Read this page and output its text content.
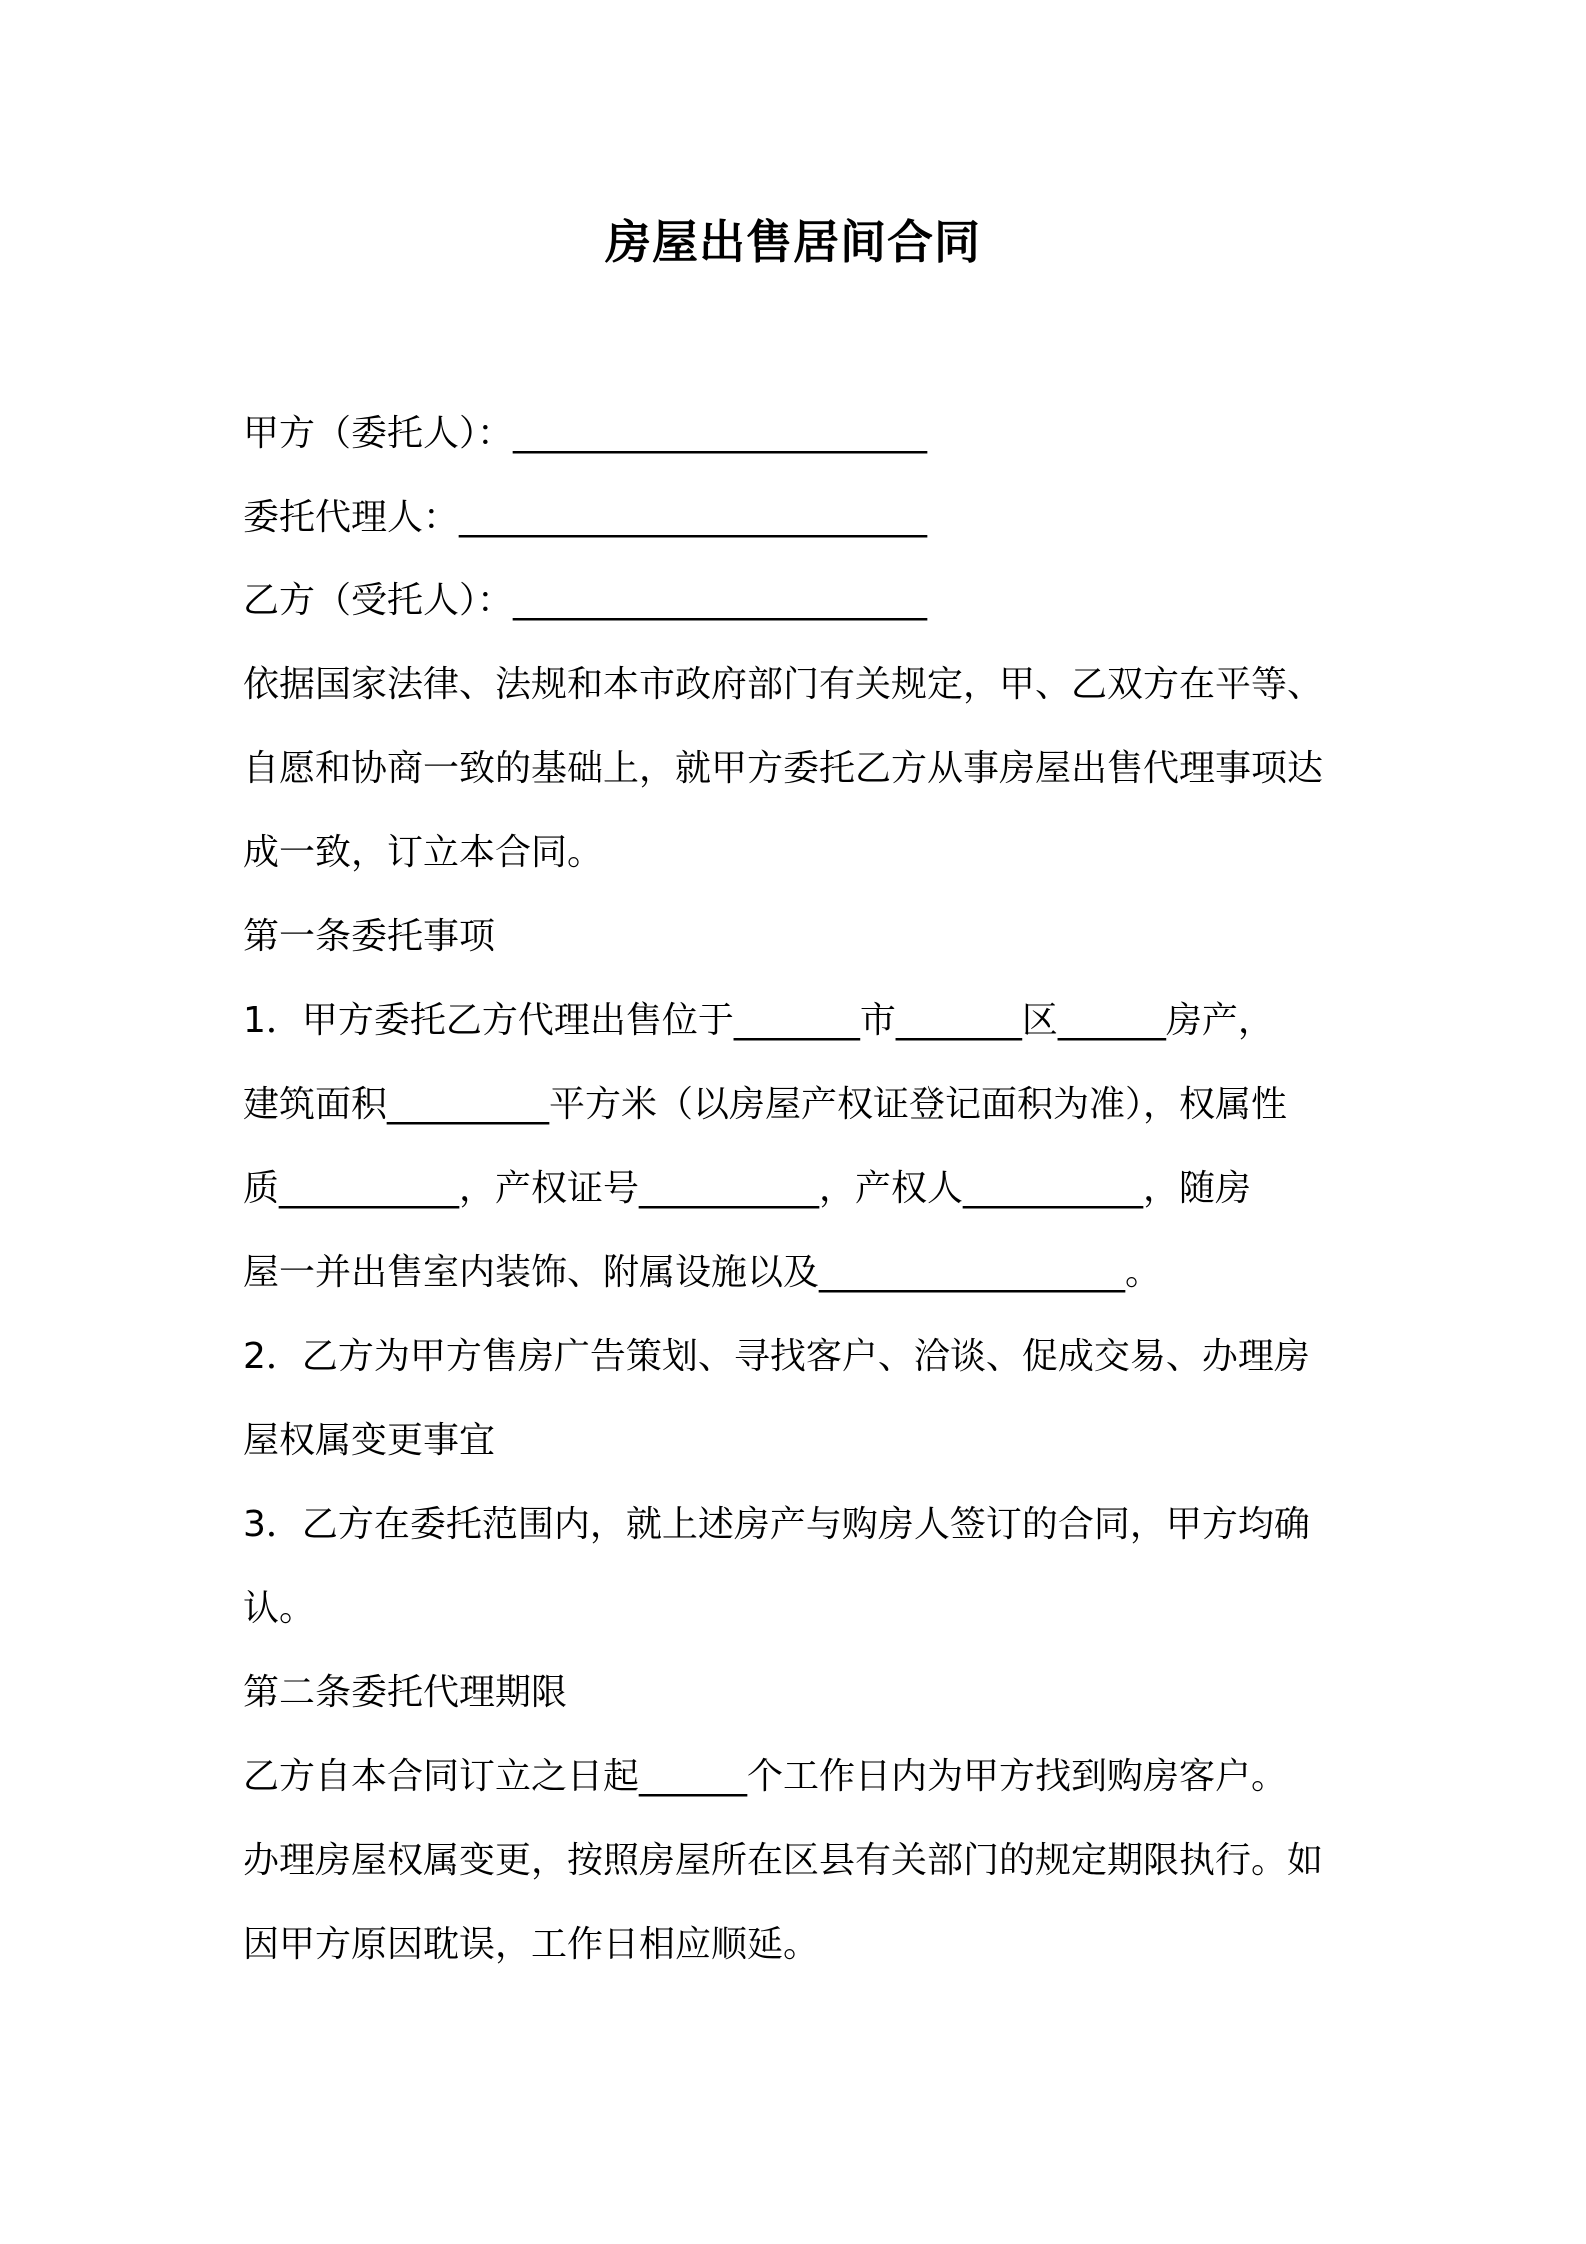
房屋出售居间合同
甲方（委托人）：_______________________
委托代理人：__________________________
乙方（受托人）：_______________________
依据国家法律、法规和本市政府部门有关规定，甲、乙双方在平等、
自愿和协商一致的基础上，就甲方委托乙方从事房屋出售代理事项达
成一致，订立本合同。
第一条委托事项
1．甲方委托乙方代理出售位于_______市_______区______房产，
建筑面积_________平方米（以房屋产权证登记面积为准），权属性
质__________，产权证号__________，产权人__________，随房
屋一并出售室内装饰、附属设施以及_________________。
2．乙方为甲方售房广告策划、寻找客户、洽谈、促成交易、办理房
屋权属变更事宜
3．乙方在委托范围内，就上述房产与购房人签订的合同，甲方均确
认。
第二条委托代理期限
乙方自本合同订立之日起______个工作日内为甲方找到购房客户。
办理房屋权属变更，按照房屋所在区县有关部门的规定期限执行。如
因甲方原因耽误，工作日相应顺延。
